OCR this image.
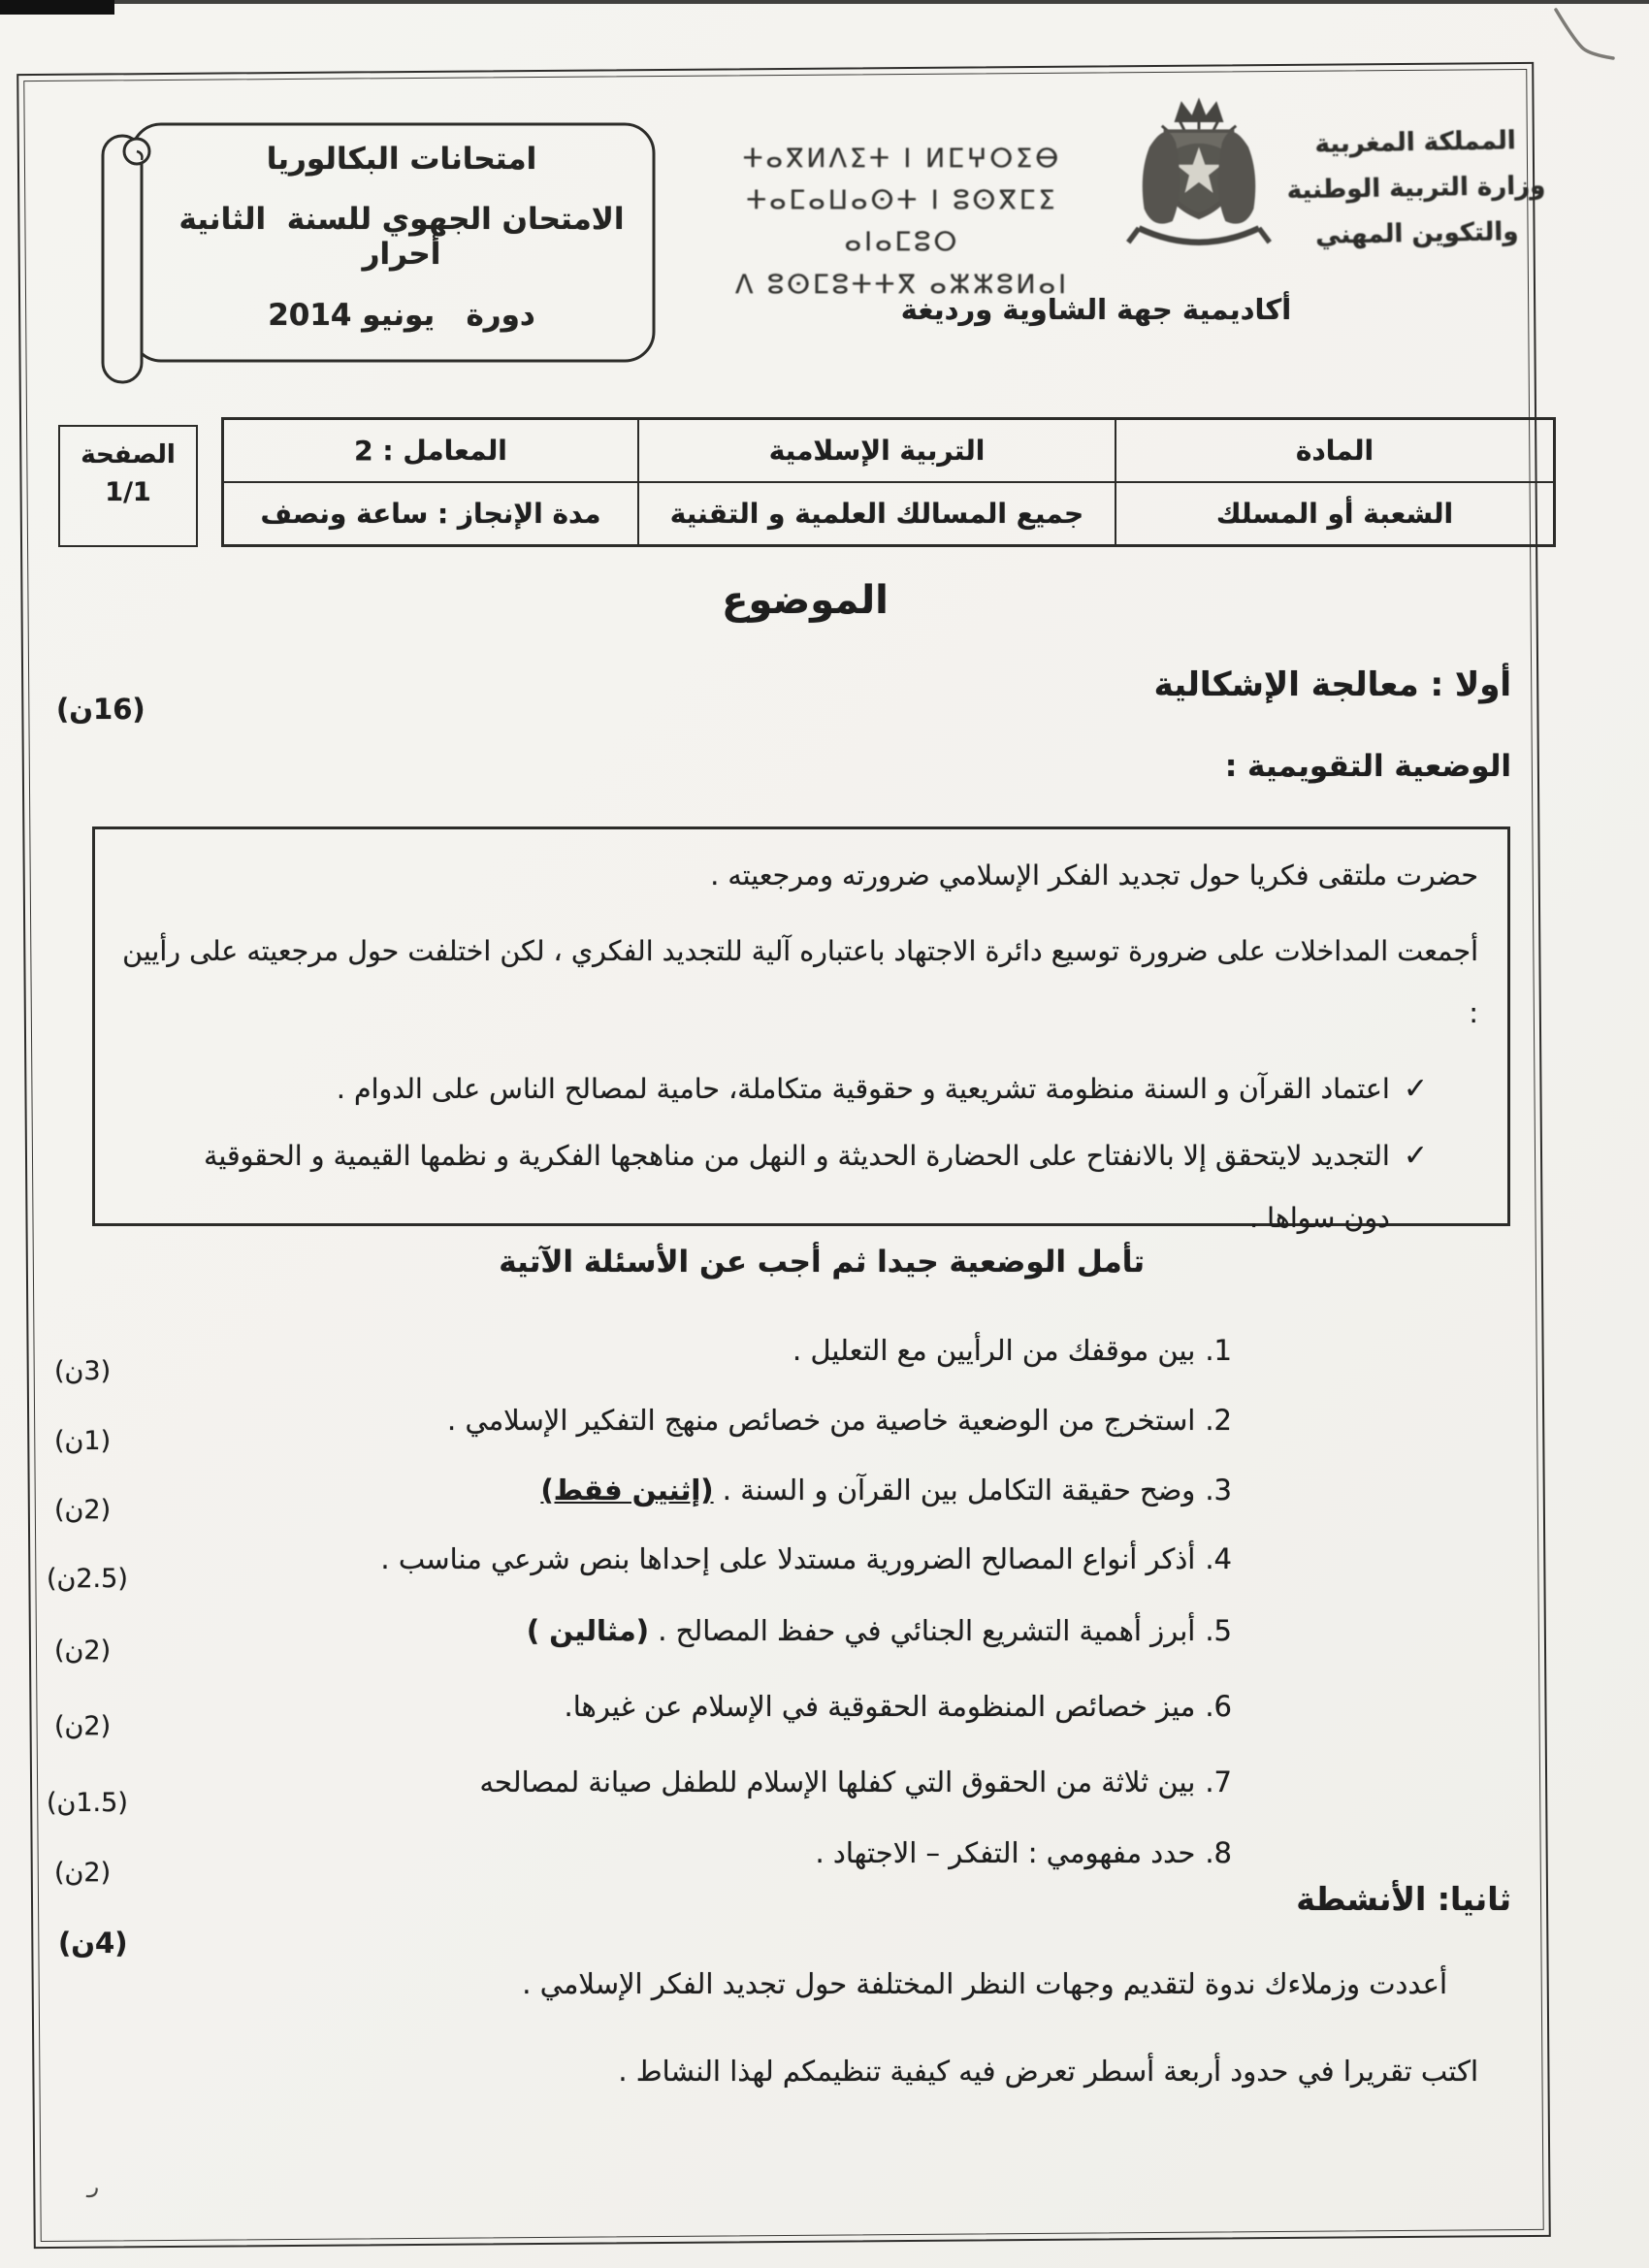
امتحانات البكالوريا
الامتحان الجهوي للسنة  الثانية أحرار
دورة   يونيو 2014
ⵜⴰⴳⵍⴷⵉⵜ ⵏ ⵍⵎⵖⵔⵉⴱ
ⵜⴰⵎⴰⵡⴰⵙⵜ ⵏ ⵓⵙⴳⵎⵉ ⴰⵏⴰⵎⵓⵔ
ⴷ ⵓⵙⵎⵓⵜⵜⴳ ⴰⵣⵣⵓⵍⴰⵏ
المملكة المغربية
وزارة التربية الوطنية
والتكوين المهني
أكاديمية جهة الشاوية ورديغة
الصفحة
1/1
المادة	التربية الإسلامية	المعامل : 2
الشعبة أو المسلك	جميع المسالك العلمية و التقنية	مدة الإنجاز : ساعة ونصف
الموضوع
أولا : معالجة الإشكالية
(16ن)
الوضعية التقويمية :

حضرت ملتقى فكريا حول تجديد الفكر الإسلامي ضرورته ومرجعيته .

أجمعت المداخلات على ضرورة توسيع دائرة الاجتهاد باعتباره آلية للتجديد الفكري ، لكن اختلفت حول مرجعيته على رأيين :

✓
اعتماد القرآن و السنة منظومة تشريعية و حقوقية متكاملة، حامية لمصالح الناس على الدوام .
✓
التجديد لايتحقق إلا بالانفتاح على الحضارة الحديثة و النهل من مناهجها الفكرية و نظمها القيمية و الحقوقية دون سواها .
تأمل الوضعية جيدا ثم أجب عن الأسئلة الآتية
1.بين موقفك من الرأيين مع التعليل .
2.استخرج من الوضعية خاصية من خصائص منهج التفكير الإسلامي .
3.وضح حقيقة التكامل بين القرآن و السنة . (إثنين فقط)
4.أذكر أنواع المصالح الضرورية مستدلا على إحداها بنص شرعي مناسب .
5.أبرز أهمية التشريع الجنائي في حفظ المصالح . (مثالين )
6.ميز خصائص المنظومة الحقوقية في الإسلام عن غيرها.
7.بين ثلاثة من الحقوق التي كفلها الإسلام للطفل صيانة لمصالحه
8.حدد مفهومي : التفكر – الاجتهاد .
(3ن)
(1ن)
(2ن)
(2.5ن)
(2ن)
(2ن)
(1.5ن)
(2ن)
ثانيا: الأنشطة
(4ن)
أعددت وزملاءك ندوة لتقديم وجهات النظر المختلفة حول تجديد الفكر الإسلامي .
اكتب تقريرا في حدود أربعة أسطر تعرض فيه كيفية تنظيمكم لهذا النشاط .
ر
